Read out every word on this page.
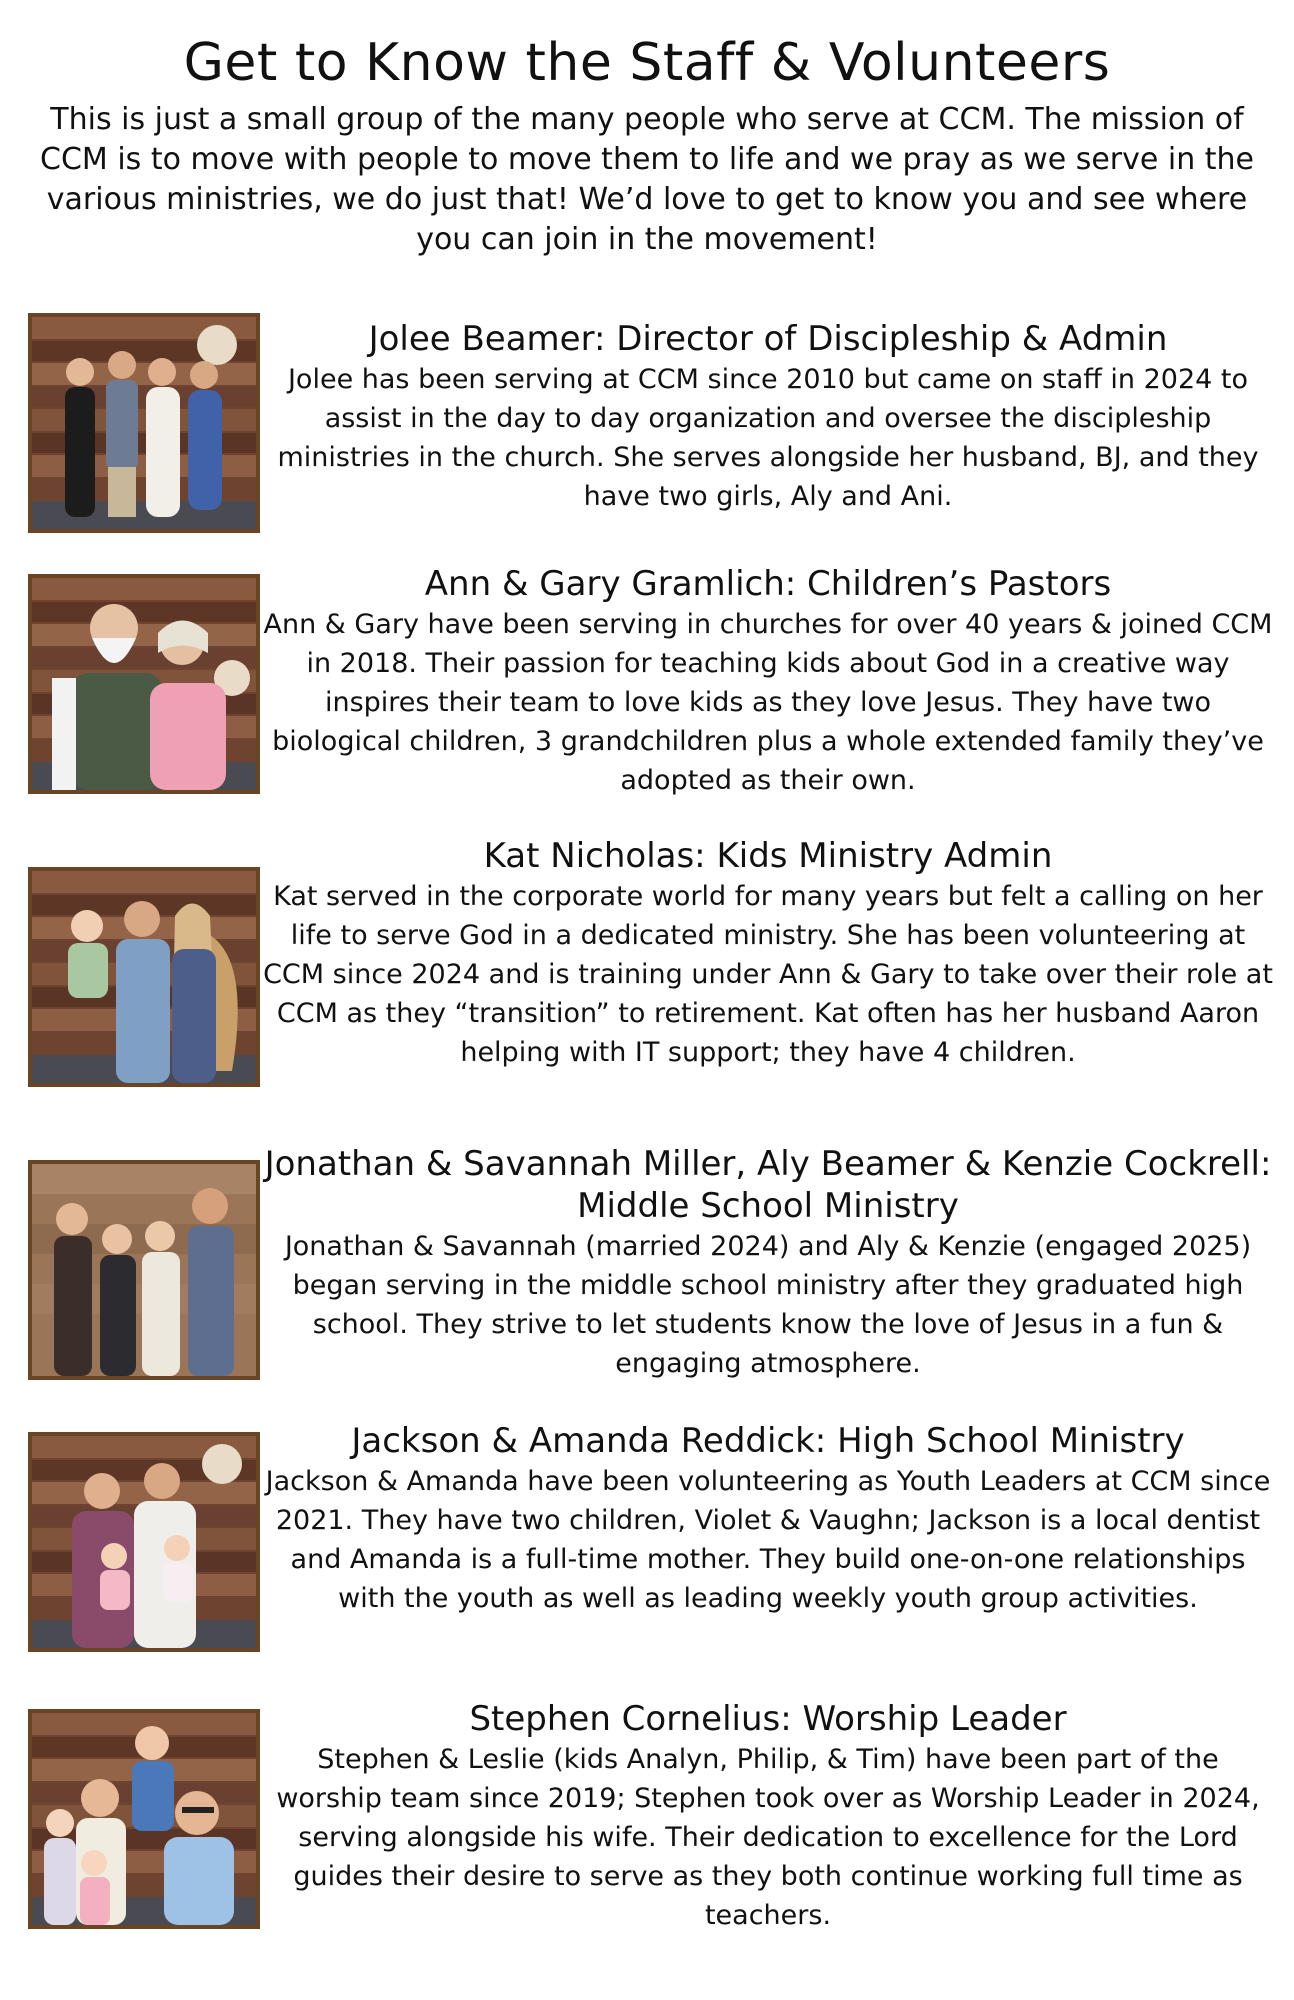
Get to Know the Staff & Volunteers
This is just a small group of the many people who serve at CCM. The mission of CCM is to move with people to move them to life and we pray as we serve in the various ministries, we do just that! We’d love to get to know you and see where you can join in the movement!
Jolee Beamer: Director of Discipleship & Admin
Jolee has been serving at CCM since 2010 but came on staff in 2024 to assist in the day to day organization and oversee the discipleship ministries in the church. She serves alongside her husband, BJ, and they have two girls, Aly and Ani.
Ann & Gary Gramlich: Children’s Pastors
Ann & Gary have been serving in churches for over 40 years & joined CCM in 2018. Their passion for teaching kids about God in a creative way inspires their team to love kids as they love Jesus. They have two biological children, 3 grandchildren plus a whole extended family they’ve adopted as their own.
Kat Nicholas: Kids Ministry Admin
Kat served in the corporate world for many years but felt a calling on her life to serve God in a dedicated ministry. She has been volunteering at CCM since 2024 and is training under Ann & Gary to take over their role at CCM as they “transition” to retirement. Kat often has her husband Aaron helping with IT support; they have 4 children.
Jonathan & Savannah Miller, Aly Beamer & Kenzie Cockrell: Middle School Ministry
Jonathan & Savannah (married 2024) and Aly & Kenzie (engaged 2025) began serving in the middle school ministry after they graduated high school. They strive to let students know the love of Jesus in a fun & engaging atmosphere.
Jackson & Amanda Reddick: High School Ministry
Jackson & Amanda have been volunteering as Youth Leaders at CCM since 2021. They have two children, Violet & Vaughn; Jackson is a local dentist and Amanda is a full-time mother. They build one-on-one relationships with the youth as well as leading weekly youth group activities.
Stephen Cornelius: Worship Leader
Stephen & Leslie (kids Analyn, Philip, & Tim) have been part of the worship team since 2019; Stephen took over as Worship Leader in 2024, serving alongside his wife. Their dedication to excellence for the Lord guides their desire to serve as they both continue working full time as teachers.
